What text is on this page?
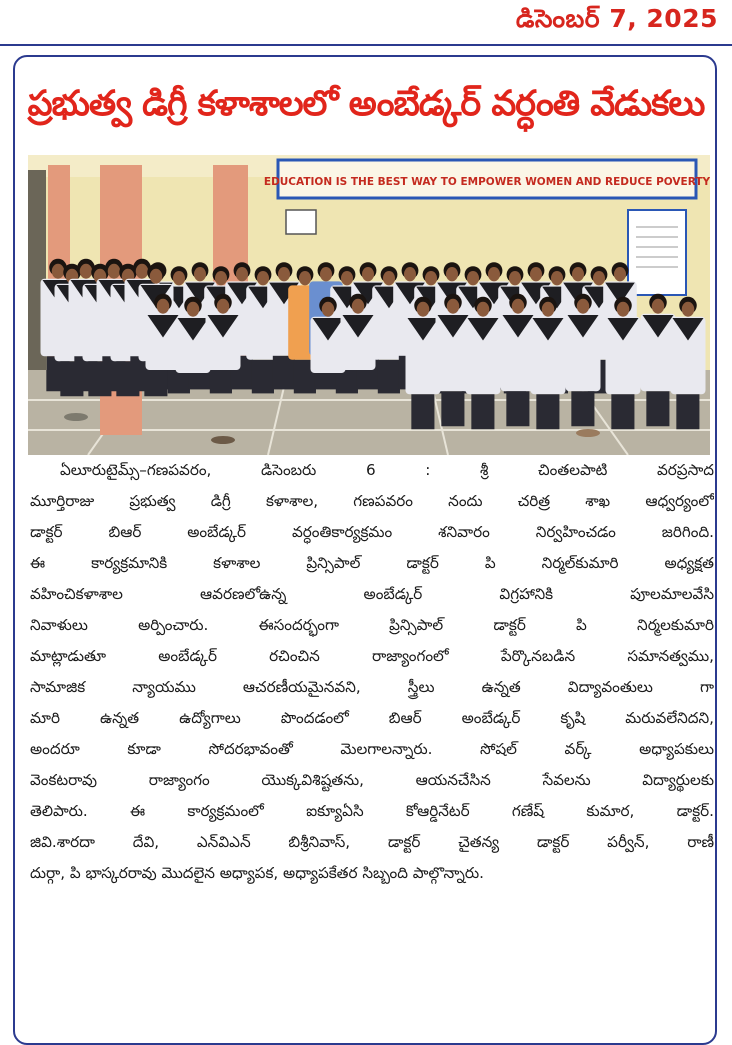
డిసెంబర్ 7, 2025
ప్రభుత్వ డిగ్రీ కళాశాలలో అంబేడ్కర్ వర్ధంతి వేడుకలు
EDUCATION IS THE BEST WAY TO EMPOWER WOMEN AND REDUCE POVERTY
ఏలూరుటైమ్స్–గణపవరం, డిసెంబరు 6 : శ్రీ చింతలపాటి వరప్రసాద
మూర్తిరాజు ప్రభుత్వ డిగ్రీ కళాశాల, గణపవరం నందు చరిత్ర శాఖ ఆధ్వర్యంలో
డాక్టర్ బిఆర్ అంబేడ్కర్ వర్ధంతికార్యక్రమం శనివారం నిర్వహించడం జరిగింది.
ఈ కార్యక్రమానికి కళాశాల ప్రిన్సిపాల్ డాక్టర్ పి నిర్మల్‌కుమారి అధ్యక్షత
వహించికళాశాల ఆవరణలోఉన్న అంబేడ్కర్ విగ్రహానికి పూలమాలవేసి
నివాళులు అర్పించారు. ఈసందర్భంగా ప్రిన్సిపాల్ డాక్టర్ పి నిర్మలకుమారి
మాట్లాడుతూ అంబేడ్కర్ రచించిన రాజ్యాంగంలో పేర్కొనబడిన సమానత్వము,
సామాజిక న్యాయము ఆచరణీయమైనవని, స్త్రీలు ఉన్నత విద్యావంతులు గా
మారి ఉన్నత ఉద్యోగాలు పొందడంలో బిఆర్ అంబేడ్కర్ కృషి మరువలేనిదని,
అందరూ కూడా సోదరభావంతో మెలగాలన్నారు. సోషల్ వర్క్ అధ్యాపకులు
వెంకటరావు రాజ్యాంగం యొక్కవిశిష్టతను, ఆయనచేసిన సేవలను విద్యార్థులకు
తెలిపారు. ఈ కార్యక్రమంలో ఐక్యూఏసి కోఆర్డినేటర్ గణేష్ కుమార, డాక్టర్.
జివి.శారదా దేవి, ఎన్‌వి‌ఎన్ బిశ్రీనివాస్, డాక్టర్ చైతన్య డాక్టర్ పర్వీన్, రాణీ
దుర్గా, పి భాస్కరరావు మొదలైన అధ్యాపక, అధ్యాపకేతర సిబ్బంది పాల్గొన్నారు.
